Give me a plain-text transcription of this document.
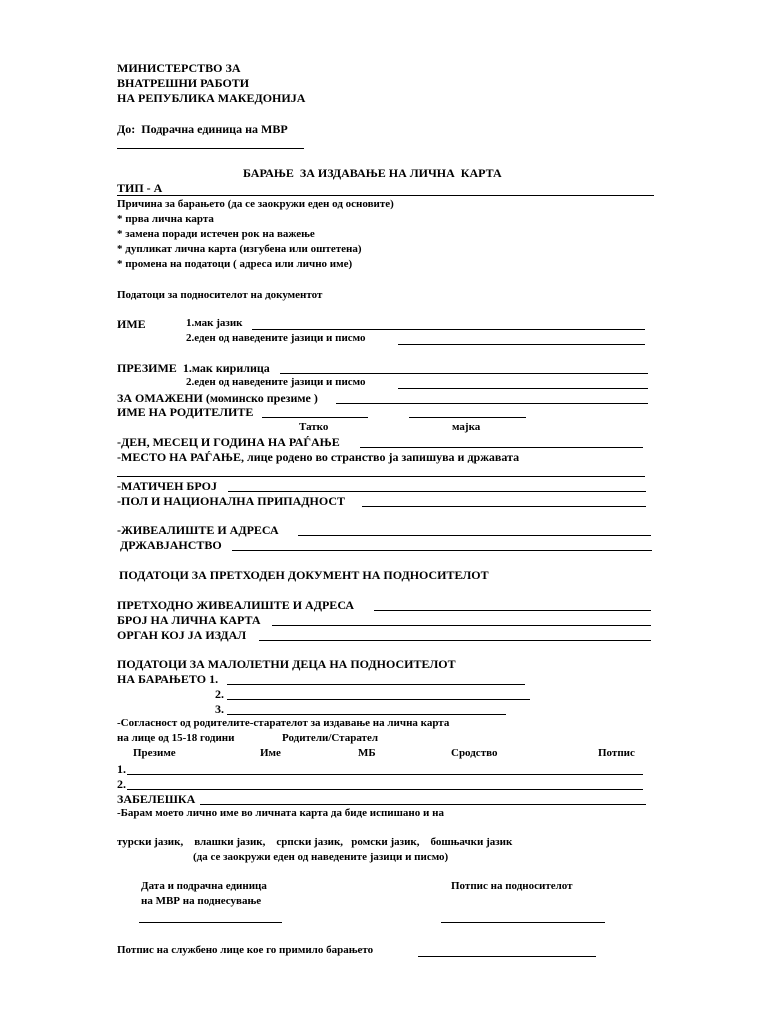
МИНИСТЕРСТВО ЗА
ВНАТРЕШНИ РАБОТИ
НА РЕПУБЛИКА МАКЕДОНИЈА
До:  Подрачна единица на МВР
БАРАЊЕ  ЗА ИЗДАВАЊЕ НА ЛИЧНА  КАРТА
ТИП - А
Причина за барањето (да се заокружи еден од основите)
* прва лична карта
* замена поради истечен рок на важење
* дупликат лична карта (изгубена или оштетена)
* промена на податоци ( адреса или лично име)
Податоци за подносителот на документот
ИМЕ	1.мак јазик
2.еден од наведените јазици и писмо
ПРЕЗИМЕ  1.мак кирилица
2.еден од наведените јазици и писмо
ЗА ОМАЖЕНИ (моминско презиме )
ИМЕ НА РОДИТЕЛИТЕ
Татко	мајка
-ДЕН, МЕСЕЦ И ГОДИНА НА РАЃАЊЕ
-МЕСТО НА РАЃАЊЕ, лице родено во странство ја запишува и државата
-МАТИЧЕН БРОЈ
-ПОЛ И НАЦИОНАЛНА ПРИПАДНОСТ
-ЖИВЕАЛИШТЕ И АДРЕСА
ДРЖАВЈАНСТВО
ПОДАТОЦИ ЗА ПРЕТХОДЕН ДОКУМЕНТ НА ПОДНОСИТЕЛОТ
ПРЕТХОДНО ЖИВЕАЛИШТЕ И АДРЕСА
БРОЈ НА ЛИЧНА КАРТА
ОРГАН КОЈ ЈА ИЗДАЛ
ПОДАТОЦИ ЗА МАЛОЛЕТНИ ДЕЦА НА ПОДНОСИТЕЛОТ
НА БАРАЊЕТО 1.
2.
3.
-Согласност од родителите-старателот за издавање на лична карта
на лице од 15-18 години	Родители/Старател
Презиме	Име	МБ	Сродство	Потпис
1.
2.
ЗАБЕЛЕШКА
-Барам моето лично име во личната карта да биде испишано и на
турски јазик,    влашки јазик,    српски јазик,   ромски јазик,    бошњачки јазик
(да се заокружи еден од наведените јазици и писмо)
Дата и подрачна единица
на МВР на поднесување
Потпис на подносителот
Потпис на службено лице кое го примило барањето
